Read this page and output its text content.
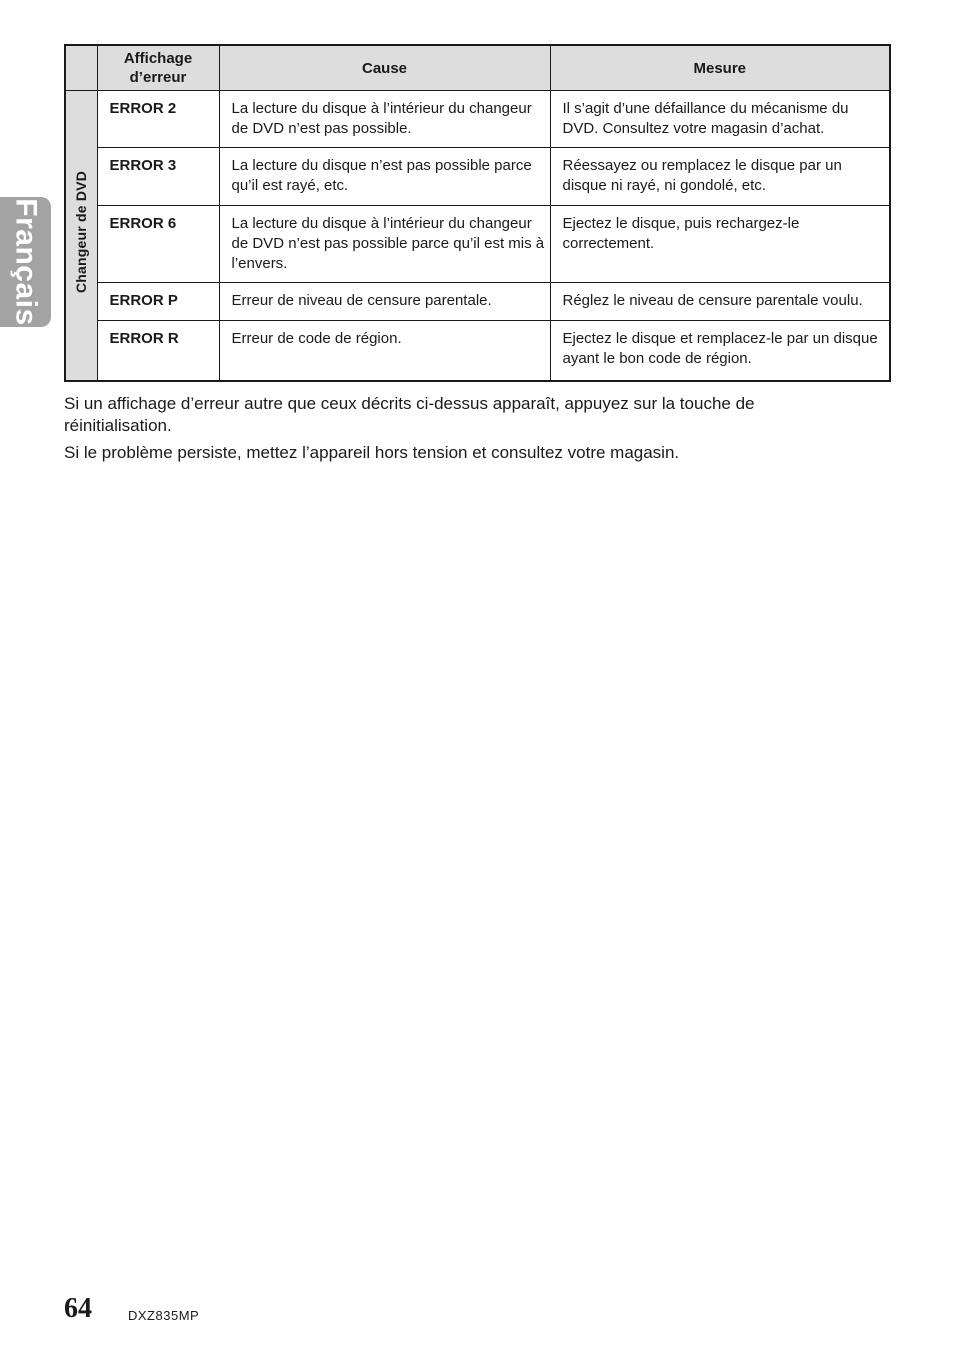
Français
	Affichage d’erreur	Cause	Mesure
Changeur de DVD	ERROR 2	La lecture du disque à l’intérieur du changeur de DVD n’est pas possible.	Il s’agit d’une défaillance du mécanisme du DVD. Consultez votre magasin d’achat.
	ERROR 3	La lecture du disque n’est pas possible parce qu’il est rayé, etc.	Réessayez ou remplacez le disque par un disque ni rayé, ni gondolé, etc.
	ERROR 6	La lecture du disque à l’intérieur du changeur de DVD n’est pas possible parce qu’il est mis à l’envers.	Ejectez le disque, puis rechargez-le correctement.
	ERROR P	Erreur de niveau de censure parentale.	Réglez le niveau de censure parentale voulu.
	ERROR R	Erreur de code de région.	Ejectez le disque et remplacez-le par un disque ayant le bon code de région.

Si un affichage d’erreur autre que ceux décrits ci-dessus apparaît, appuyez sur la touche de réinitialisation.

Si le problème persiste, mettez l’appareil hors tension et consultez votre magasin.

64	DXZ835MP
